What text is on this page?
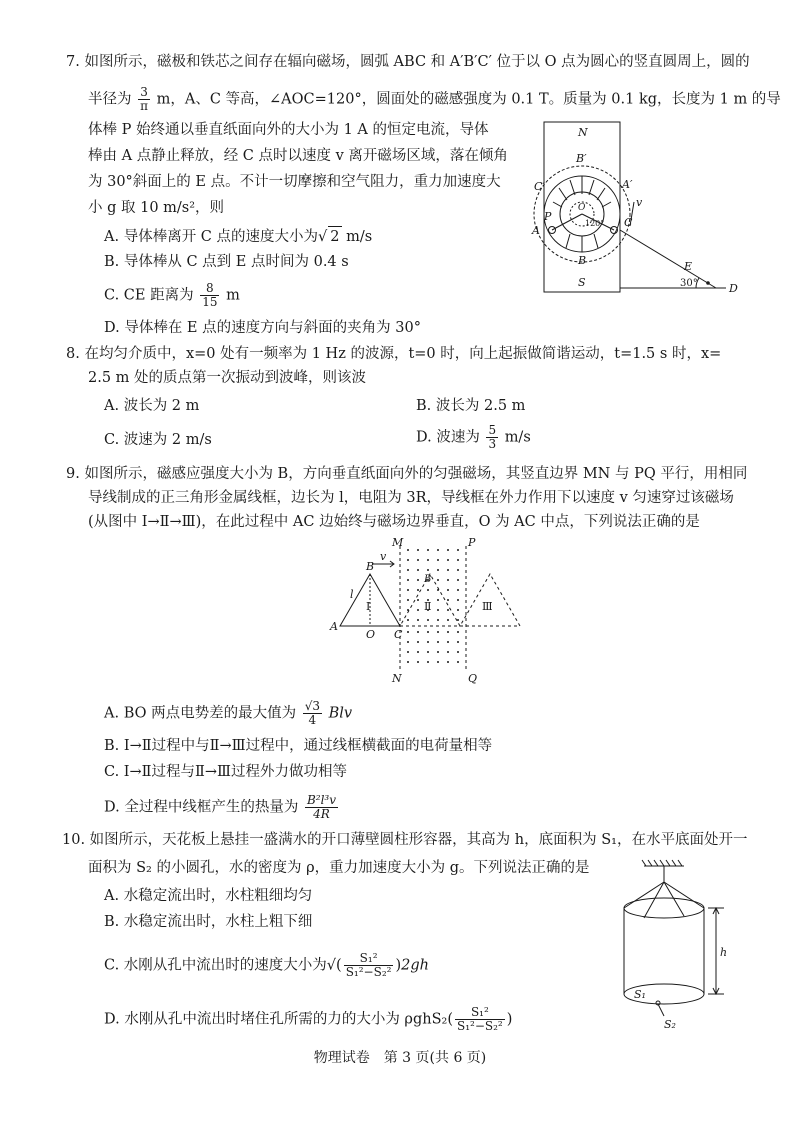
7. 如图所示，磁极和铁芯之间存在辐向磁场，圆弧 ABC 和 A′B′C′ 位于以 O 点为圆心的竖直圆周上，圆的
半径为 $\frac{3}{\pi}$ m，A、C 等高，∠AOC=120°，圆面处的磁感强度为 0.1 T。质量为 0.1 kg，长度为 1 m 的导
体棒 P 始终通以垂直纸面向外的大小为 1 A 的恒定电流，导体
棒由 A 点静止释放，经 C 点时以速度 v 离开磁场区域，落在倾角
为 30°斜面上的 E 点。不计一切摩擦和空气阻力，重力加速度大
小 g 取 10 m/s²，则
A. 导体棒离开 C 点的速度大小为√ 2 m/s
B. 导体棒从 C 点到 E 点时间为 0.4 s
C. CE 距离为 $\frac{8}{15}$ m
D. 导体棒在 E 点的速度方向与斜面的夹角为 30°
N
S
B′
B
C′	A′
A
C
P
O
120°
v
E
D
30°
8. 在均匀介质中，x=0 处有一频率为 1 Hz 的波源，t=0 时，向上起振做简谐运动，t=1.5 s 时，x=
2.5 m 处的质点第一次振动到波峰，则该波
A. 波长为 2 m	B. 波长为 2.5 m
C. 波速为 2 m/s	D. 波速为 $\frac{5}{3} m/s$
9. 如图所示，磁感应强度大小为 B，方向垂直纸面向外的匀强磁场，其竖直边界 MN 与 PQ 平行，用相同
导线制成的正三角形金属线框，边长为 l，电阻为 3R，导线框在外力作用下以速度 v 匀速穿过该磁场
(从图中 Ⅰ→Ⅱ→Ⅲ)，在此过程中 AC 边始终与磁场边界垂直，O 为 AC 中点，下列说法正确的是
M
N
P
Q
B
A
C
O
l
v
Ⅰ	Ⅱ	Ⅲ
B
A. BO 两点电势差的最大值为 $\frac{√3}{4}$ Blv
B. Ⅰ→Ⅱ过程中与Ⅱ→Ⅲ过程中，通过线框横截面的电荷量相等
C. Ⅰ→Ⅱ过程与Ⅱ→Ⅲ过程外力做功相等
D. 全过程中线框产生的热量为 $\frac{\text{B²l³v}}{4R}$
10. 如图所示，天花板上悬挂一盛满水的开口薄壁圆柱形容器，其高为 h，底面积为 S₁，在水平底面处开一
面积为 S₂ 的小圆孔，水的密度为 ρ，重力加速度大小为 g。下列说法正确的是
A. 水稳定流出时，水柱粗细均匀
B. 水稳定流出时，水柱上粗下细
C. 水刚从孔中流出时的速度大小为√( $\frac{\text{S₁²}}{\text{S₁²−S₂²}} )2gh$
D. 水刚从孔中流出时堵住孔所需的力的大小为 $\rho ghS_2( \frac{\text{S₁²}}{\text{S₁²−S₂²}}$ )
h
S₁
S₂
物理试卷　第 3 页(共 6 页)
